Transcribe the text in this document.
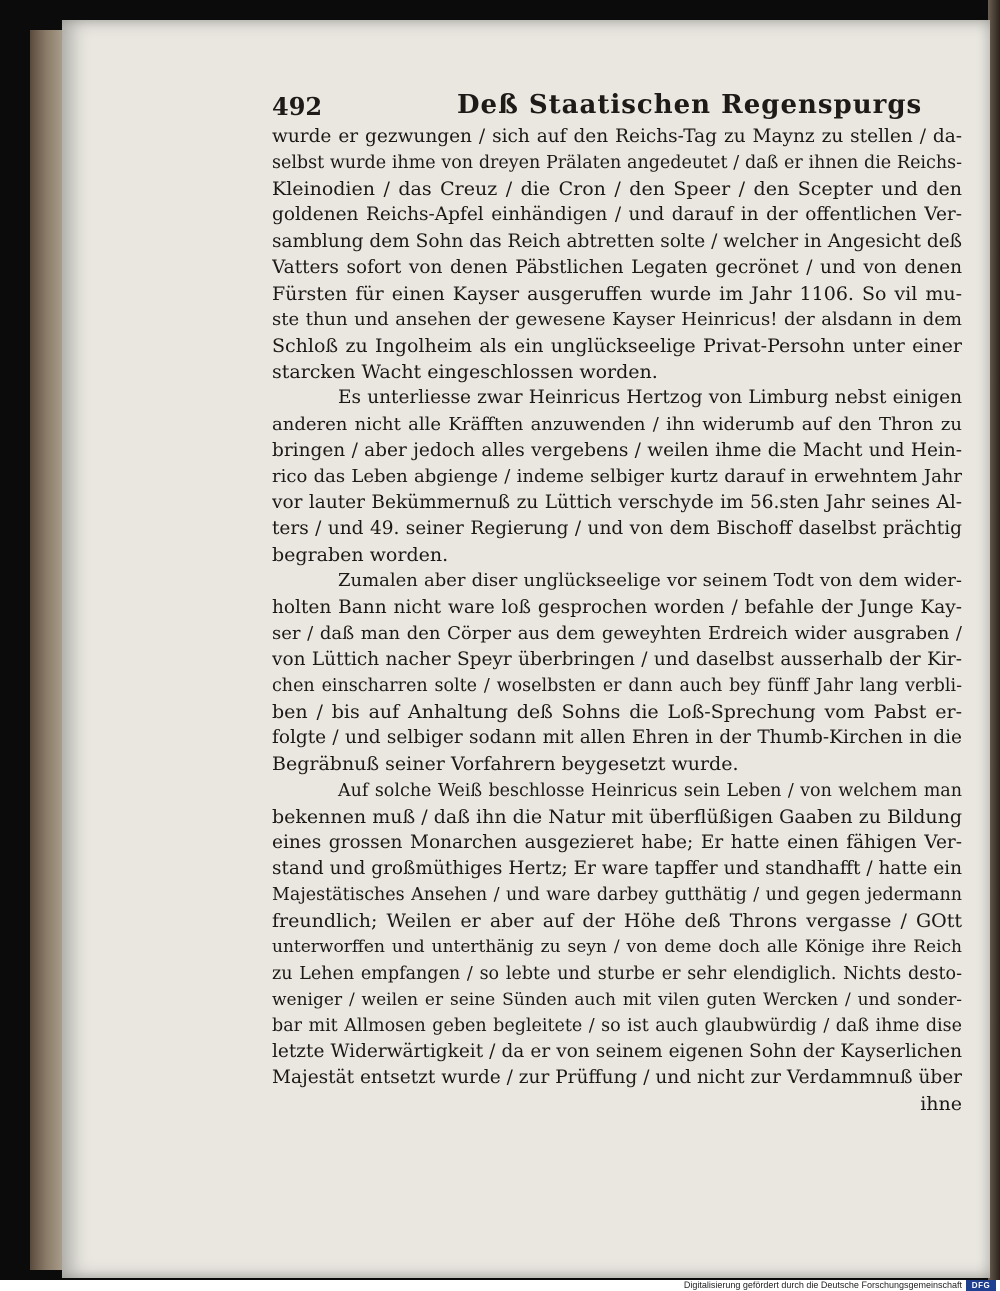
492	Deß Staatischen Regenspurgs
wurde er gezwungen / sich auf den Reichs-Tag zu Maynz zu stellen / da-
selbst wurde ihme von dreyen Prälaten angedeutet / daß er ihnen die Reichs-
Kleinodien / das Creuz / die Cron / den Speer / den Scepter und den
goldenen Reichs-Apfel einhändigen / und darauf in der offentlichen Ver-
samblung dem Sohn das Reich abtretten solte / welcher in Angesicht deß
Vatters sofort von denen Päbstlichen Legaten gecrönet / und von denen
Fürsten für einen Kayser ausgeruffen wurde im Jahr 1106. So vil mu-
ste thun und ansehen der gewesene Kayser Heinricus! der alsdann in dem
Schloß zu Ingolheim als ein unglückseelige Privat-Persohn unter einer
starcken Wacht eingeschlossen worden.
Es unterliesse zwar Heinricus Hertzog von Limburg nebst einigen
anderen nicht alle Kräfften anzuwenden / ihn widerumb auf den Thron zu
bringen / aber jedoch alles vergebens / weilen ihme die Macht und Hein-
rico das Leben abgienge / indeme selbiger kurtz darauf in erwehntem Jahr
vor lauter Bekümmernuß zu Lüttich verschyde im 56.sten Jahr seines Al-
ters / und 49. seiner Regierung / und von dem Bischoff daselbst prächtig
begraben worden.
Zumalen aber diser unglückseelige vor seinem Todt von dem wider-
holten Bann nicht ware loß gesprochen worden / befahle der Junge Kay-
ser / daß man den Cörper aus dem geweyhten Erdreich wider ausgraben /
von Lüttich nacher Speyr überbringen / und daselbst ausserhalb der Kir-
chen einscharren solte / woselbsten er dann auch bey fünff Jahr lang verbli-
ben / bis auf Anhaltung deß Sohns die Loß-Sprechung vom Pabst er-
folgte / und selbiger sodann mit allen Ehren in der Thumb-Kirchen in die
Begräbnuß seiner Vorfahrern beygesetzt wurde.
Auf solche Weiß beschlosse Heinricus sein Leben / von welchem man
bekennen muß / daß ihn die Natur mit überflüßigen Gaaben zu Bildung
eines grossen Monarchen ausgezieret habe; Er hatte einen fähigen Ver-
stand und großmüthiges Hertz; Er ware tapffer und standhafft / hatte ein
Majestätisches Ansehen / und ware darbey gutthätig / und gegen jedermann
freundlich; Weilen er aber auf der Höhe deß Throns vergasse / GOtt
unterworffen und unterthänig zu seyn / von deme doch alle Könige ihre Reich
zu Lehen empfangen / so lebte und sturbe er sehr elendiglich. Nichts desto-
weniger / weilen er seine Sünden auch mit vilen guten Wercken / und sonder-
bar mit Allmosen geben begleitete / so ist auch glaubwürdig / daß ihme dise
letzte Widerwärtigkeit / da er von seinem eigenen Sohn der Kayserlichen
Majestät entsetzt wurde / zur Prüffung / und nicht zur Verdammnuß über
ihne
Digitalisierung gefördert durch die Deutsche Forschungsgemeinschaft	DFG
